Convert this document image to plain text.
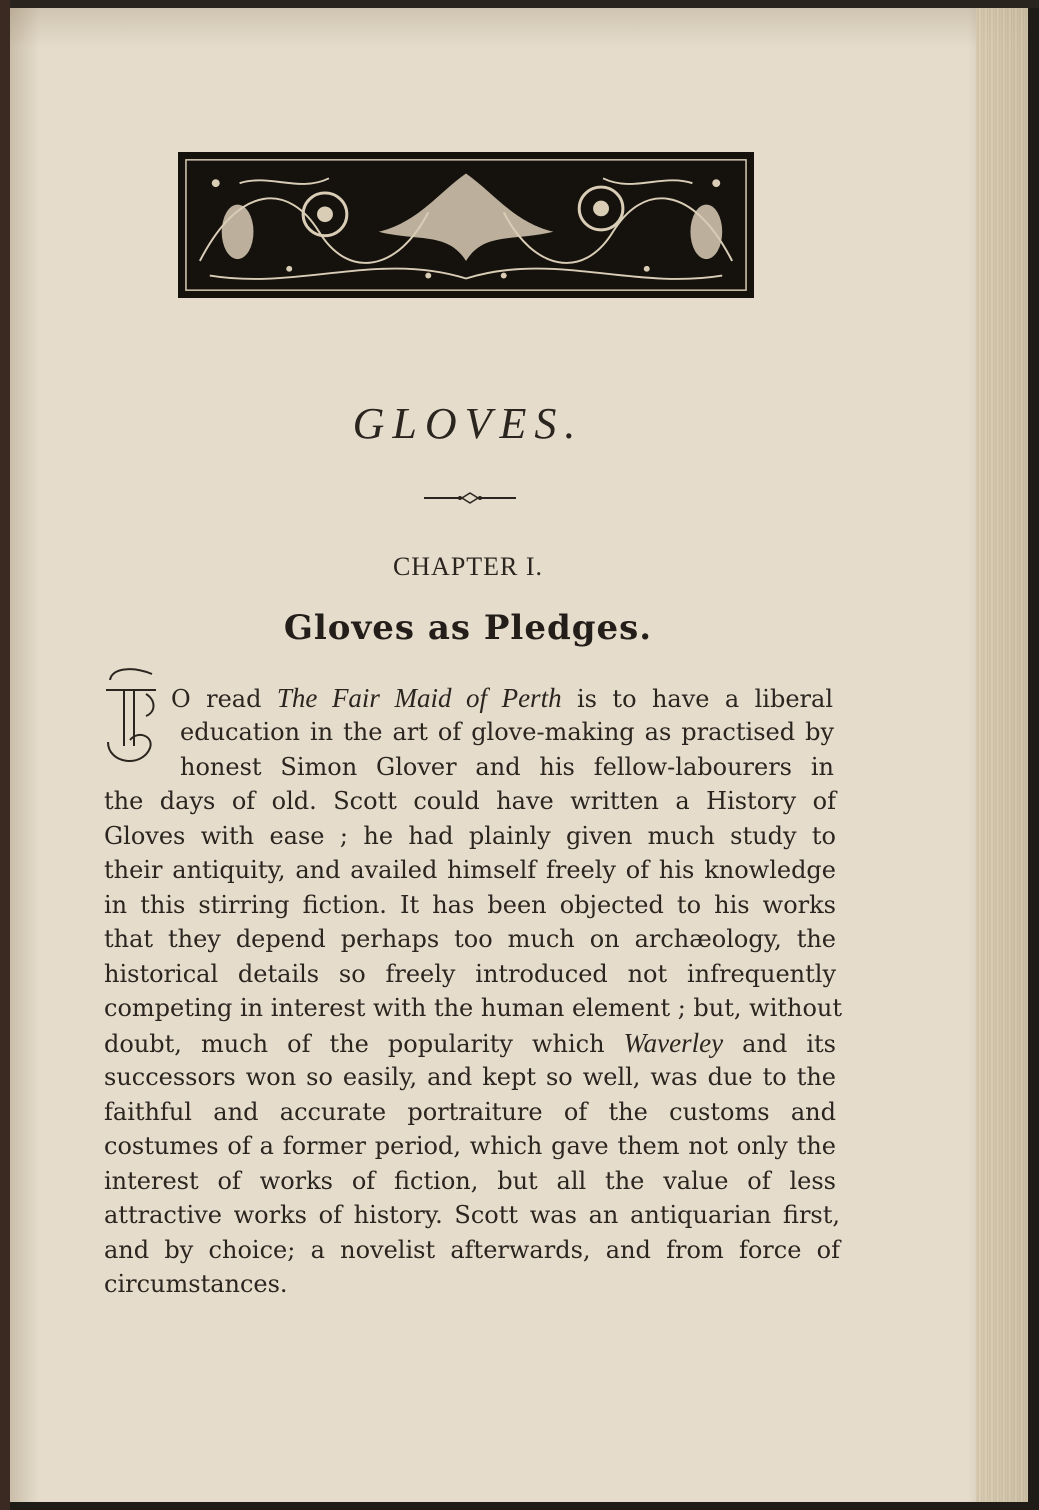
GLOVES.
CHAPTER I.
Gloves as Pledges.
O read The Fair Maid of Perth is to have a liberal
education in the art of glove-making as practised by
honest Simon Glover and his fellow-labourers in
the days of old. Scott could have written a History of
Gloves with ease ; he had plainly given much study to
their antiquity, and availed himself freely of his knowledge
in this stirring fiction. It has been objected to his works
that they depend perhaps too much on archæology, the
historical details so freely introduced not infrequently
competing in interest with the human element ; but, without
doubt, much of the popularity which Waverley and its
successors won so easily, and kept so well, was due to the
faithful and accurate portraiture of the customs and
costumes of a former period, which gave them not only the
interest of works of fiction, but all the value of less
attractive works of history. Scott was an antiquarian first,
and by choice; a novelist afterwards, and from force of
circumstances.
